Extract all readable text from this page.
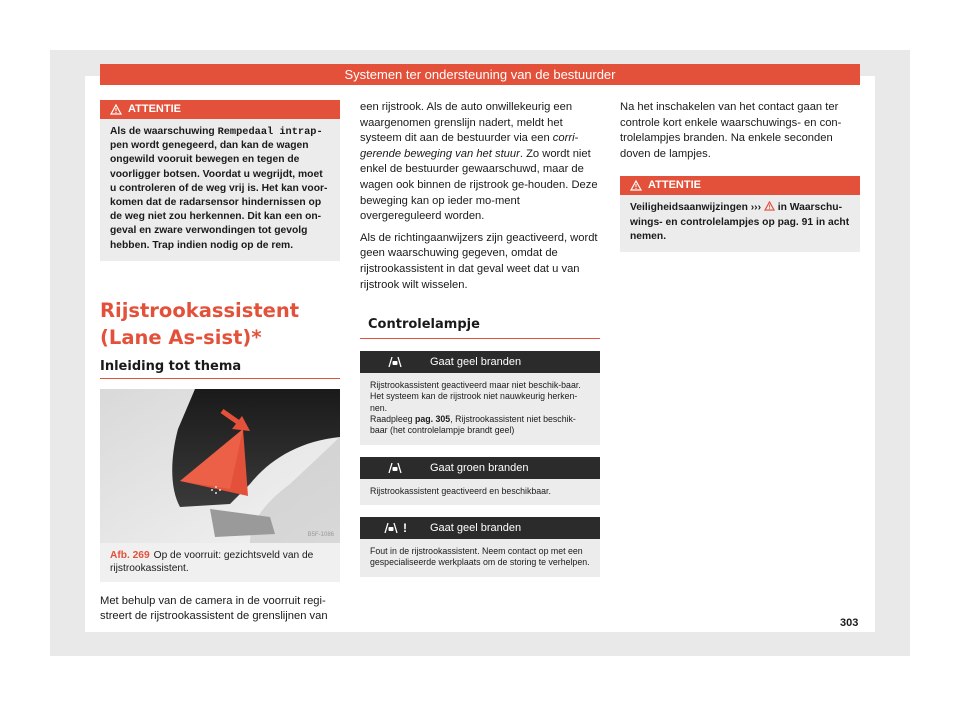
Systemen ter ondersteuning van de bestuurder
ATTENTIE
Als de waarschuwing Rempedaal intrap- pen wordt genegeerd, dan kan de wagen ongewild vooruit bewegen en tegen de voorligger botsen. Voordat u wegrijdt, moet u controleren of de weg vrij is. Het kan voor-komen dat de radarsensor hindernissen op de weg niet zou herkennen. Dit kan een on-geval en zware verwondingen tot gevolg hebben. Trap indien nodig op de rem.
Rijstrookassistent (Lane As-sist)*
Inleiding tot thema
B5F-1086
Afb. 269 Op de voorruit: gezichtsveld van de rijstrookassistent.
Met behulp van de camera in de voorruit regi-streert de rijstrookassistent de grenslijnen van
een rijstrook. Als de auto onwillekeurig een waargenomen grenslijn nadert, meldt het systeem dit aan de bestuurder via een corri-gerende beweging van het stuur. Zo wordt niet enkel de bestuurder gewaarschuwd, maar de wagen ook binnen de rijstrook ge-houden. Deze beweging kan op ieder mo-ment overgereguleerd worden.
Als de richtingaanwijzers zijn geactiveerd, wordt geen waarschuwing gegeven, omdat de rijstrookassistent in dat geval weet dat u van rijstrook wilt wisselen.
Controlelampje
Gaat geel branden
Rijstrookassistent geactiveerd maar niet beschik-baar.
Het systeem kan de rijstrook niet nauwkeurig herken-nen.
Raadpleeg pag. 305, Rijstrookassistent niet beschik-baar (het controlelampje brandt geel)
Gaat groen branden
Rijstrookassistent geactiveerd en beschikbaar.
! Gaat geel branden
Fout in de rijstrookassistent. Neem contact op met een gespecialiseerde werkplaats om de storing te verhelpen.
Na het inschakelen van het contact gaan ter controle kort enkele waarschuwings- en con-trolelampjes branden. Na enkele seconden doven de lampjes.
ATTENTIE
Veiligheidsaanwijzingen ›››  in Waarschu-wings- en controlelampjes op pag. 91 in acht nemen.
303
